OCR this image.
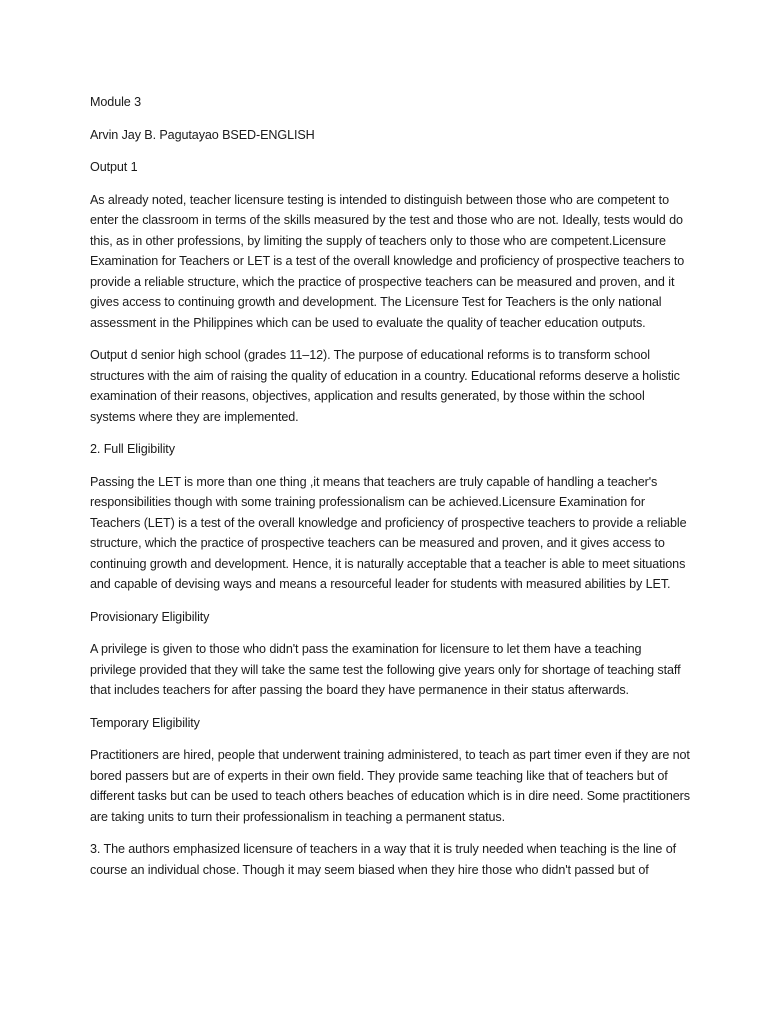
Module 3

Arvin Jay B. Pagutayao BSED-ENGLISH

Output 1

As already noted, teacher licensure testing is intended to distinguish between those who are competent to enter the classroom in terms of the skills measured by the test and those who are not. Ideally, tests would do this, as in other professions, by limiting the supply of teachers only to those who are competent.Licensure Examination for Teachers or LET is a test of the overall knowledge and proficiency of prospective teachers to provide a reliable structure, which the practice of prospective teachers can be measured and proven, and it gives access to continuing growth and development. The Licensure Test for Teachers is the only national assessment in the Philippines which can be used to evaluate the quality of teacher education outputs.

Output d senior high school (grades 11–12). The purpose of educational reforms is to transform school structures with the aim of raising the quality of education in a country. Educational reforms deserve a holistic examination of their reasons, objectives, application and results generated, by those within the school systems where they are implemented.

2. Full Eligibility

Passing the LET is more than one thing ,it means that teachers are truly capable of handling a teacher's responsibilities though with some training professionalism can be achieved.Licensure Examination for Teachers (LET) is a test of the overall knowledge and proficiency of prospective teachers to provide a reliable structure, which the practice of prospective teachers can be measured and proven, and it gives access to continuing growth and development. Hence, it is naturally acceptable that a teacher is able to meet situations and capable of devising ways and means a resourceful leader for students with measured abilities by LET.

Provisionary Eligibility

A privilege is given to those who didn't pass the examination for licensure to let them have a teaching privilege provided that they will take the same test the following give years only for shortage of teaching staff that includes teachers for after passing the board they have permanence in their status afterwards.

Temporary Eligibility

Practitioners are hired, people that underwent training administered, to teach as part timer even if they are not bored passers but are of experts in their own field. They provide same teaching like that of teachers but of different tasks but can be used to teach others beaches of education which is in dire need. Some practitioners are taking units to turn their professionalism in teaching a permanent status.

3. The authors emphasized licensure of teachers in a way that it is truly needed when teaching is the line of course an individual chose. Though it may seem biased when they hire those who didn't passed but of
